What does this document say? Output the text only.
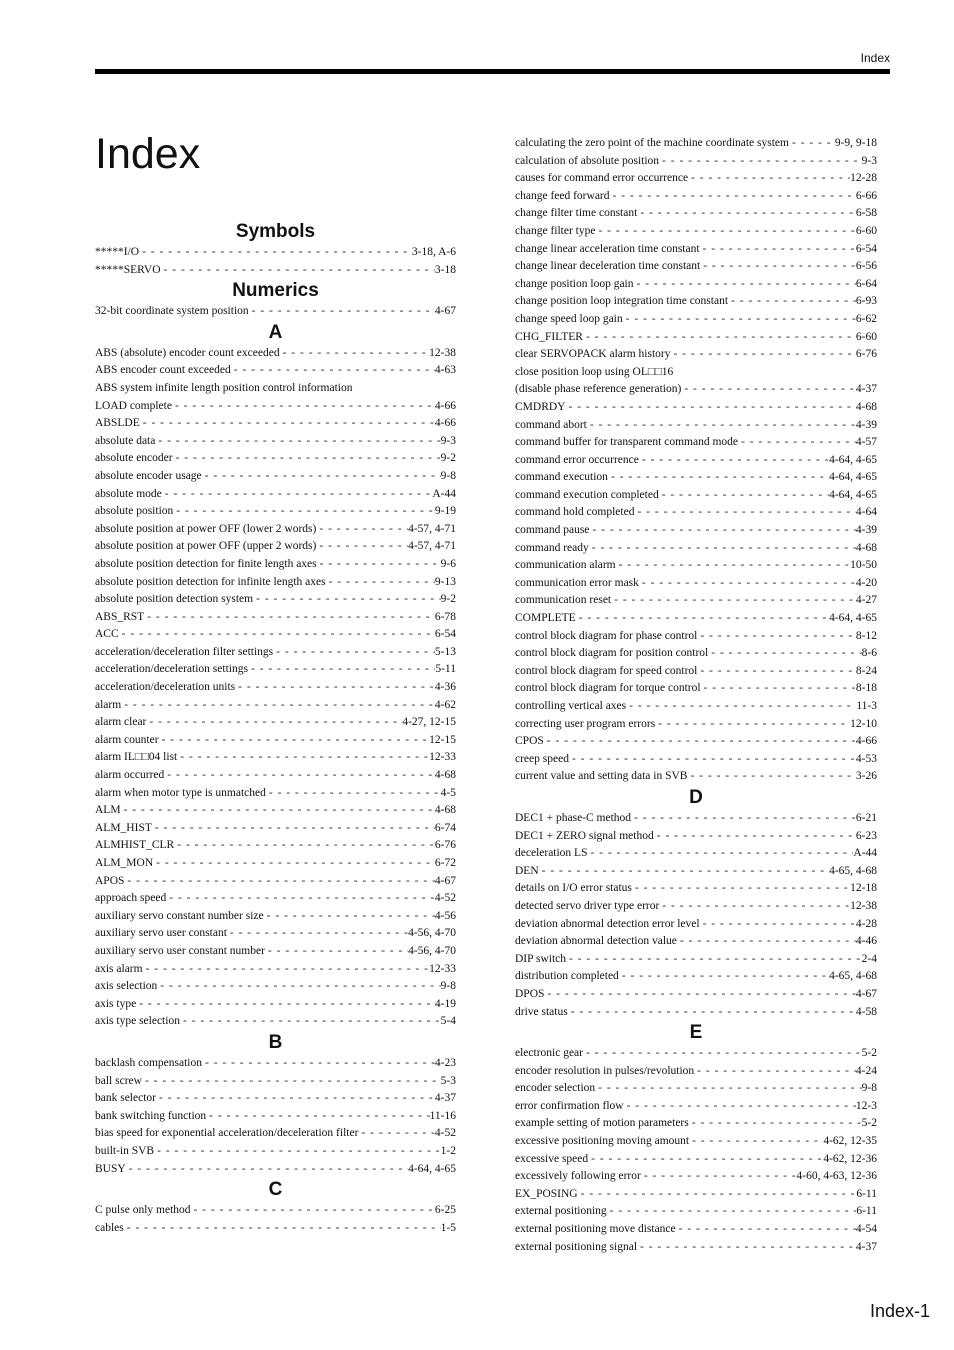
Index
Index
Symbols
*****I/O - - -	3-18, A-6
*****SERVO - - -	3-18
Numerics
32-bit coordinate system position - - -	4-67
A
ABS (absolute) encoder count exceeded - - -	12-38
ABS encoder count exceeded - - -	4-63
ABS system infinite length position control information
LOAD complete - - -	4-66
ABSLDE - - -	4-66
absolute data - - -	9-3
absolute encoder - - -	9-2
absolute encoder usage - - -	9-8
absolute mode - - -	A-44
absolute position - - -	9-19
absolute position at power OFF (lower 2 words) - - -	4-57, 4-71
absolute position at power OFF (upper 2 words) - - -	4-57, 4-71
absolute position detection for finite length axes - - -	9-6
absolute position detection for infinite length axes - - -	9-13
absolute position detection system - - -	9-2
ABS_RST - - -	6-78
ACC - - -	6-54
acceleration/deceleration filter settings - - -	5-13
acceleration/deceleration settings - - -	5-11
acceleration/deceleration units - - -	4-36
alarm - - -	4-62
alarm clear - - -	4-27, 12-15
alarm counter - - -	12-15
alarm IL□□04 list - - -	12-33
alarm occurred - - -	4-68
alarm when motor type is unmatched - - -	4-5
ALM - - -	4-68
ALM_HIST - - -	6-74
ALMHIST_CLR - - -	6-76
ALM_MON - - -	6-72
APOS - - -	4-67
approach speed - - -	4-52
auxiliary servo constant number size - - -	4-56
auxiliary servo user constant - - -	4-56, 4-70
auxiliary servo user constant number - - -	4-56, 4-70
axis alarm - - -	12-33
axis selection - - -	9-8
axis type - - -	4-19
axis type selection - - -	5-4
B
backlash compensation - - -	4-23
ball screw - - -	5-3
bank selector - - -	4-37
bank switching function - - -	11-16
bias speed for exponential acceleration/deceleration filter - - -	4-52
built-in SVB - - -	1-2
BUSY - - -	4-64, 4-65
C
C pulse only method - - -	6-25
cables - - -	1-5
calculating the zero point of the machine coordinate system - - -	9-9, 9-18
calculation of absolute position - - -	9-3
causes for command error occurrence - - -	12-28
change feed forward - - -	6-66
change filter time constant - - -	6-58
change filter type - - -	6-60
change linear acceleration time constant - - -	6-54
change linear deceleration time constant - - -	6-56
change position loop gain - - -	6-64
change position loop integration time constant - - -	6-93
change speed loop gain - - -	6-62
CHG_FILTER - - -	6-60
clear SERVOPACK alarm history - - -	6-76
close position loop using OL□□16
(disable phase reference generation) - - -	4-37
CMDRDY - - -	4-68
command abort - - -	4-39
command buffer for transparent command mode - - -	4-57
command error occurrence - - -	4-64, 4-65
command execution - - -	4-64, 4-65
command execution completed - - -	4-64, 4-65
command hold completed - - -	4-64
command pause - - -	4-39
command ready - - -	4-68
communication alarm - - -	10-50
communication error mask - - -	4-20
communication reset - - -	4-27
COMPLETE - - -	4-64, 4-65
control block diagram for phase control - - -	8-12
control block diagram for position control - - -	8-6
control block diagram for speed control - - -	8-24
control block diagram for torque control - - -	8-18
controlling vertical axes - - -	11-3
correcting user program errors - - -	12-10
CPOS - - -	4-66
creep speed - - -	4-53
current value and setting data in SVB - - -	3-26
D
DEC1 + phase-C method - - -	6-21
DEC1 + ZERO signal method - - -	6-23
deceleration LS - - -	A-44
DEN - - -	4-65, 4-68
details on I/O error status - - -	12-18
detected servo driver type error - - -	12-38
deviation abnormal detection error level - - -	4-28
deviation abnormal detection value - - -	4-46
DIP switch - - -	2-4
distribution completed - - -	4-65, 4-68
DPOS - - -	4-67
drive status - - -	4-58
E
electronic gear - - -	5-2
encoder resolution in pulses/revolution - - -	4-24
encoder selection - - -	9-8
error confirmation flow - - -	12-3
example setting of motion parameters - - -	5-2
excessive positioning moving amount - - -	4-62, 12-35
excessive speed - - -	4-62, 12-36
excessively following error - - -	4-60, 4-63, 12-36
EX_POSING - - -	6-11
external positioning - - -	6-11
external positioning move distance - - -	4-54
external positioning signal - - -	4-37
Index-1
